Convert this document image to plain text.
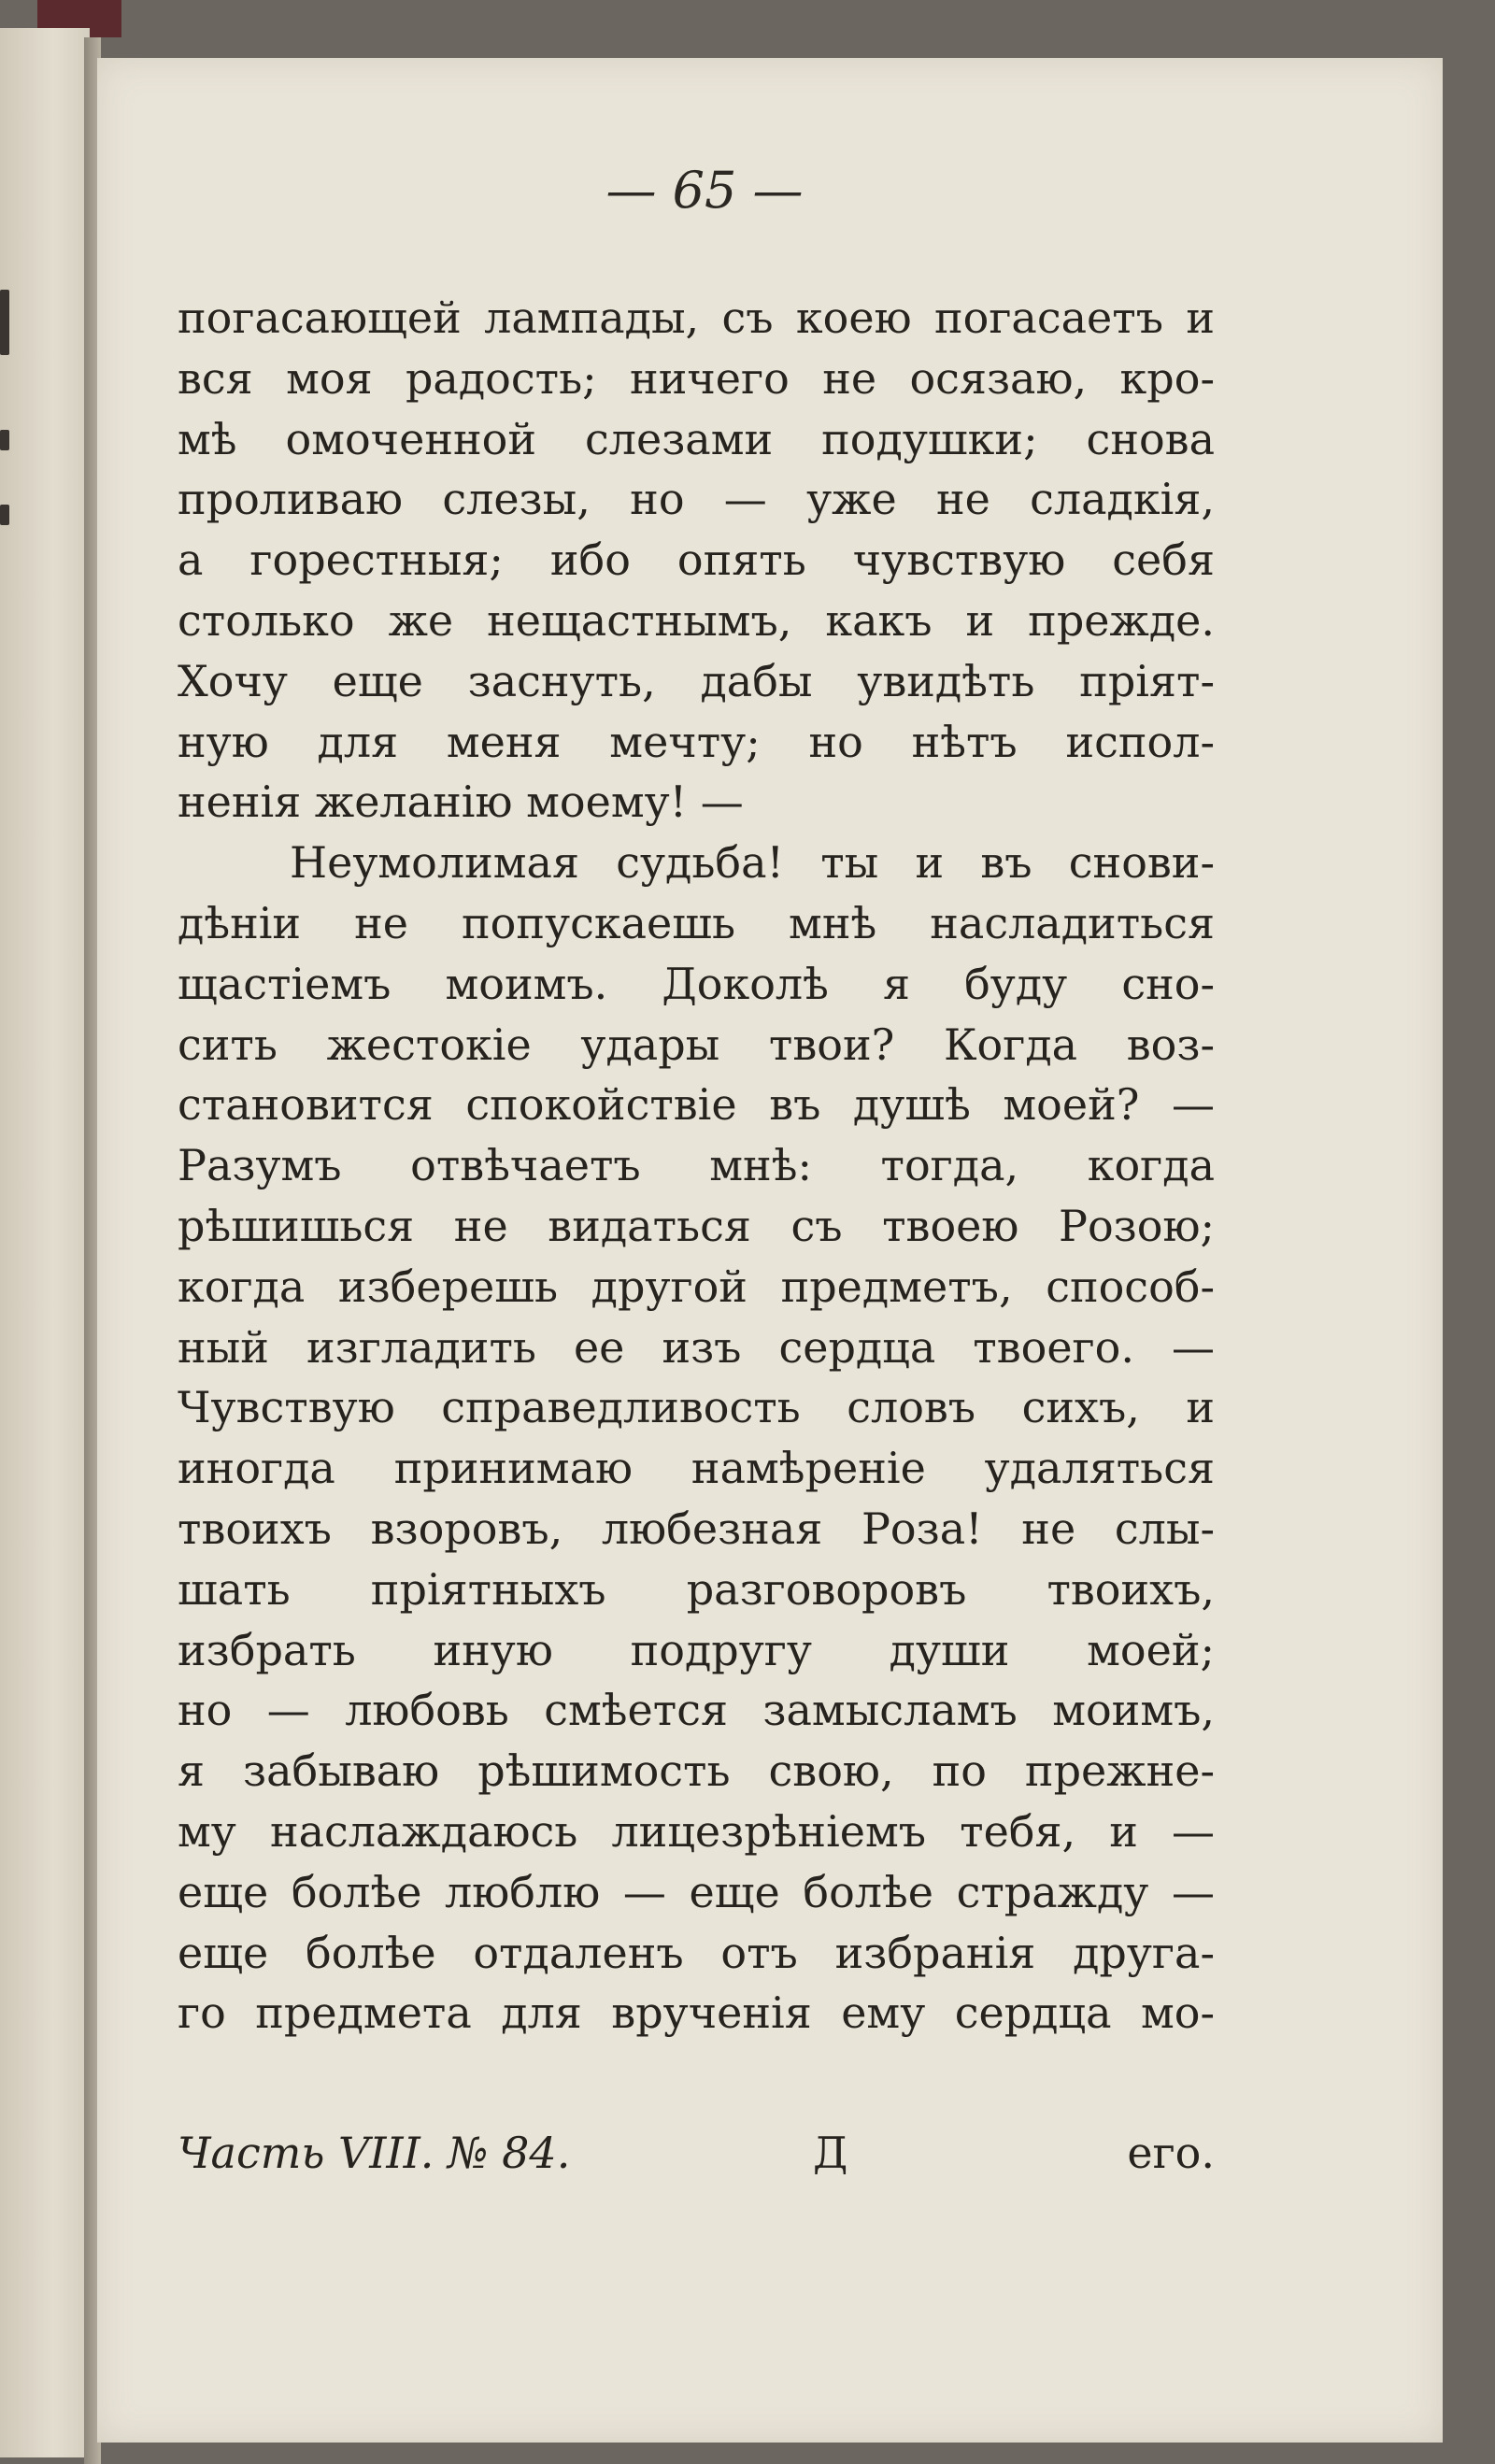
— 65 —
погасающей лампады, съ коею погасаетъ и
вся моя радость; ничего не осязаю, кро-
мѣ омоченной слезами подушки; снова
проливаю слезы, но — уже не сладкiя,
а горестныя; ибо опять чувствую себя
столько же нещастнымъ, какъ и прежде.
Хочу еще заснуть, дабы увидѣть прiят-
ную для меня мечту; но нѣтъ испол-
ненiя желанiю моему! —
Неумолимая судьба! ты и въ снови-
дѣнiи не попускаешь мнѣ насладиться
щастiемъ моимъ. Доколѣ я буду сно-
сить жестокiе удары твои? Когда воз-
становится спокойствiе въ душѣ моей? —
Разумъ отвѣчаетъ мнѣ: тогда, когда
рѣшишься не видаться съ твоею Розою;
когда изберешь другой предметъ, способ-
ный изгладить ее изъ сердца твоего. —
Чувствую справедливость словъ сихъ, и
иногда принимаю намѣренiе удаляться
твоихъ взоровъ, любезная Роза! не слы-
шать прiятныхъ разговоровъ твоихъ,
избрать иную подругу души моей;
но — любовь смѣется замысламъ моимъ,
я забываю рѣшимость свою, по прежне-
му наслаждаюсь лицезрѣнiемъ тебя, и —
еще болѣе люблю — еще болѣе стражду —
еще болѣе отдаленъ отъ избранiя друга-
го предмета для врученiя ему сердца мо-
Часть VIII. № 84.	Д	его.
